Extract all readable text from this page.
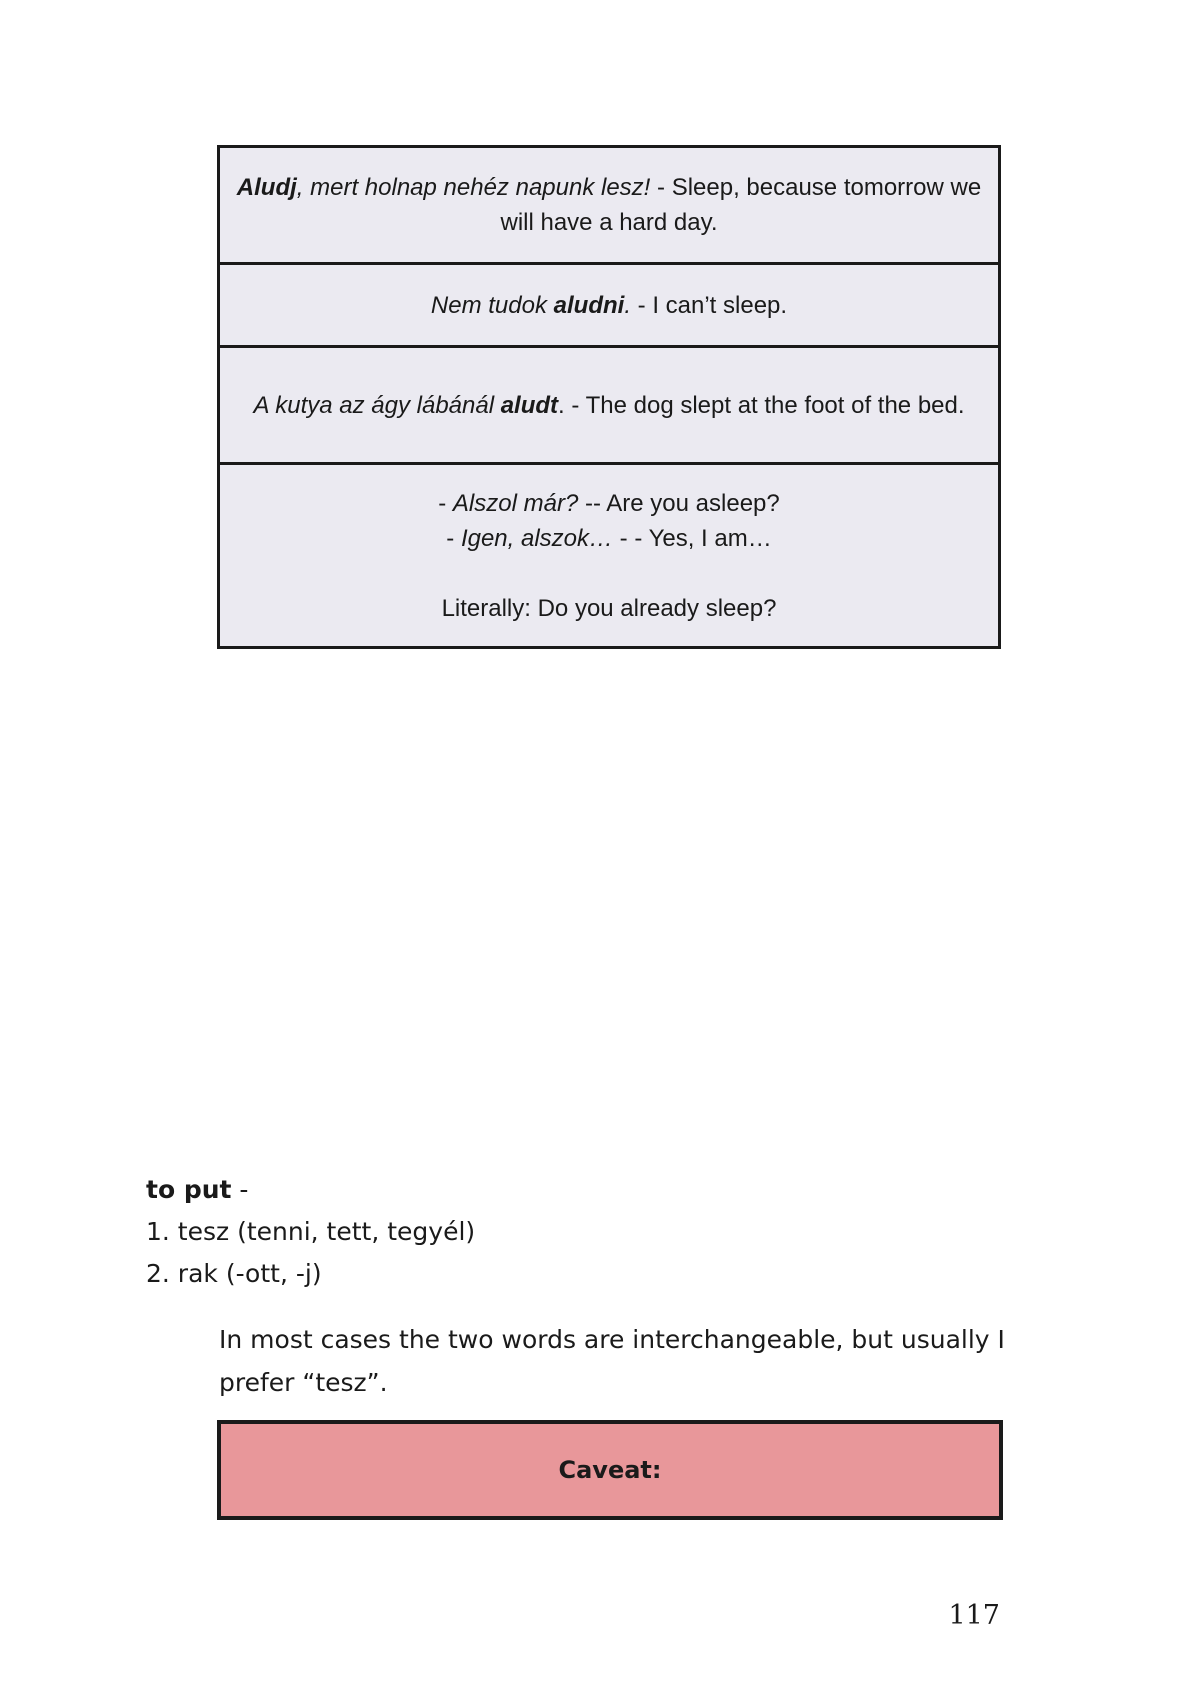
Aludj, mert holnap nehéz napunk lesz! - Sleep, because tomorrow we will have a hard day.
Nem tudok aludni. - I can’t sleep.
A kutya az ágy lábánál aludt. - The dog slept at the foot of the bed.

- Alszol már? -- Are you asleep?
- Igen, alszok… - - Yes, I am…
Literally: Do you already sleep?
to put -
1. tesz (tenni, tett, tegyél)
2. rak (-ott, -j)
In most cases the two words are interchangeable, but usually I prefer “tesz”.
Caveat:
117
